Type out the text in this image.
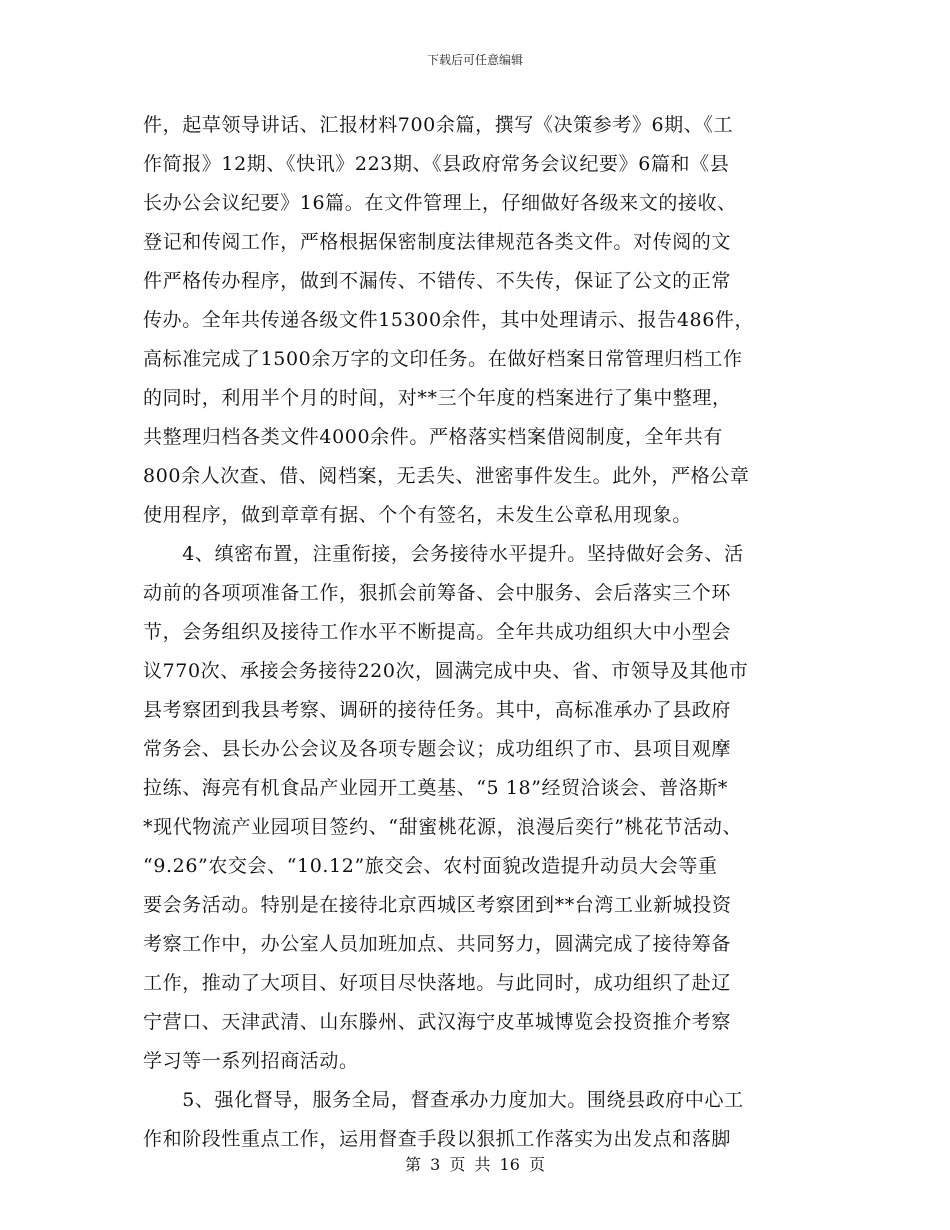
下载后可任意编辑
件，起草领导讲话、汇报材料700余篇，撰写《决策参考》6期、《工
作简报》12期、《快讯》223期、《县政府常务会议纪要》6篇和《县
长办公会议纪要》16篇。在文件管理上，仔细做好各级来文的接收、
登记和传阅工作，严格根据保密制度法律规范各类文件。对传阅的文
件严格传办程序，做到不漏传、不错传、不失传，保证了公文的正常
传办。全年共传递各级文件15300余件，其中处理请示、报告486件，
高标准完成了1500余万字的文印任务。在做好档案日常管理归档工作
的同时，利用半个月的时间，对**三个年度的档案进行了集中整理，
共整理归档各类文件4000余件。严格落实档案借阅制度，全年共有
800余人次查、借、阅档案，无丢失、泄密事件发生。此外，严格公章
使用程序，做到章章有据、个个有签名，未发生公章私用现象。
　　4、缜密布置，注重衔接，会务接待水平提升。坚持做好会务、活
动前的各项项准备工作，狠抓会前筹备、会中服务、会后落实三个环
节，会务组织及接待工作水平不断提高。全年共成功组织大中小型会
议770次、承接会务接待220次，圆满完成中央、省、市领导及其他市
县考察团到我县考察、调研的接待任务。其中，高标准承办了县政府
常务会、县长办公会议及各项专题会议；成功组织了市、县项目观摩
拉练、海亮有机食品产业园开工奠基、“5 18”经贸洽谈会、普洛斯*
*现代物流产业园项目签约、“甜蜜桃花源，浪漫后奕行”桃花节活动、
“9.26”农交会、“10.12”旅交会、农村面貌改造提升动员大会等重
要会务活动。特别是在接待北京西城区考察团到**台湾工业新城投资
考察工作中，办公室人员加班加点、共同努力，圆满完成了接待筹备
工作，推动了大项目、好项目尽快落地。与此同时，成功组织了赴辽
宁营口、天津武清、山东滕州、武汉海宁皮革城博览会投资推介考察
学习等一系列招商活动。
　　5、强化督导，服务全局，督查承办力度加大。围绕县政府中心工
作和阶段性重点工作，运用督查手段以狠抓工作落实为出发点和落脚
第 3 页 共 16 页
